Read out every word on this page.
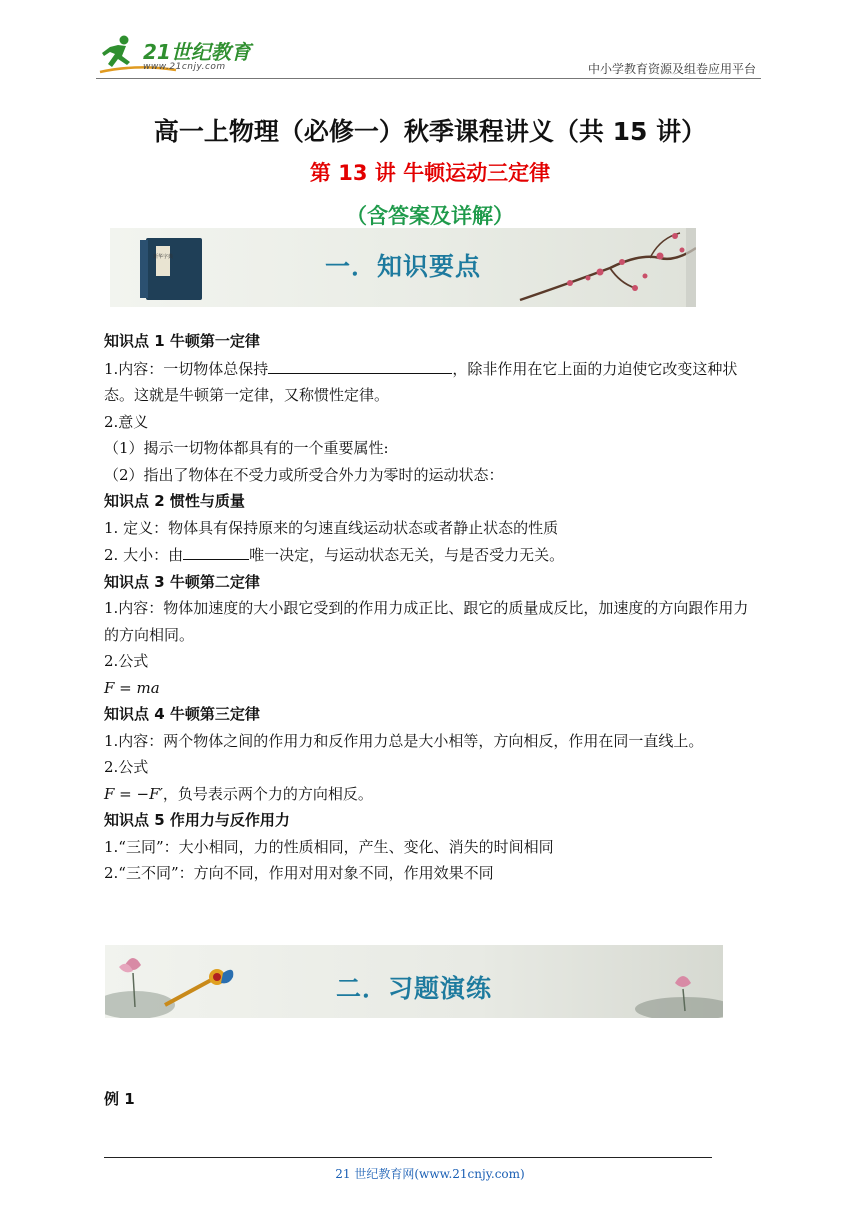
21世纪教育
www.21cnjy.com	中小学教育资源及组卷应用平台
高一上物理（必修一）秋季课程讲义（共 15 讲）
第 13 讲 牛顿运动三定律
（含答案及详解）
新华字典	一．知识要点

知识点 1 牛顿第一定律

1.内容：一切物体总保持	，除非作用在它上面的力迫使它改变这种状态。这就是牛顿第一定律，又称惯性定律。

2.意义

（1）揭示一切物体都具有的一个重要属性:

（2）指出了物体在不受力或所受合外力为零时的运动状态：

知识点 2 惯性与质量

1. 定义：物体具有保持原来的匀速直线运动状态或者静止状态的性质

2. 大小：由	唯一决定，与运动状态无关，与是否受力无关。

知识点 3 牛顿第二定律

1.内容：物体加速度的大小跟它受到的作用力成正比、跟它的质量成反比，加速度的方向跟作用力的方向相同。

2.公式

F = ma

知识点 4 牛顿第三定律

1.内容：两个物体之间的作用力和反作用力总是大小相等，方向相反，作用在同一直线上。

2.公式

F = −F′，负号表示两个力的方向相反。

知识点 5 作用力与反作用力

1.“三同”：大小相同，力的性质相同，产生、变化、消失的时间相同

2.“三不同”：方向不同，作用对用对象不同，作用效果不同

二．习题演练
例 1
21 世纪教育网(www.21cnjy.com)
